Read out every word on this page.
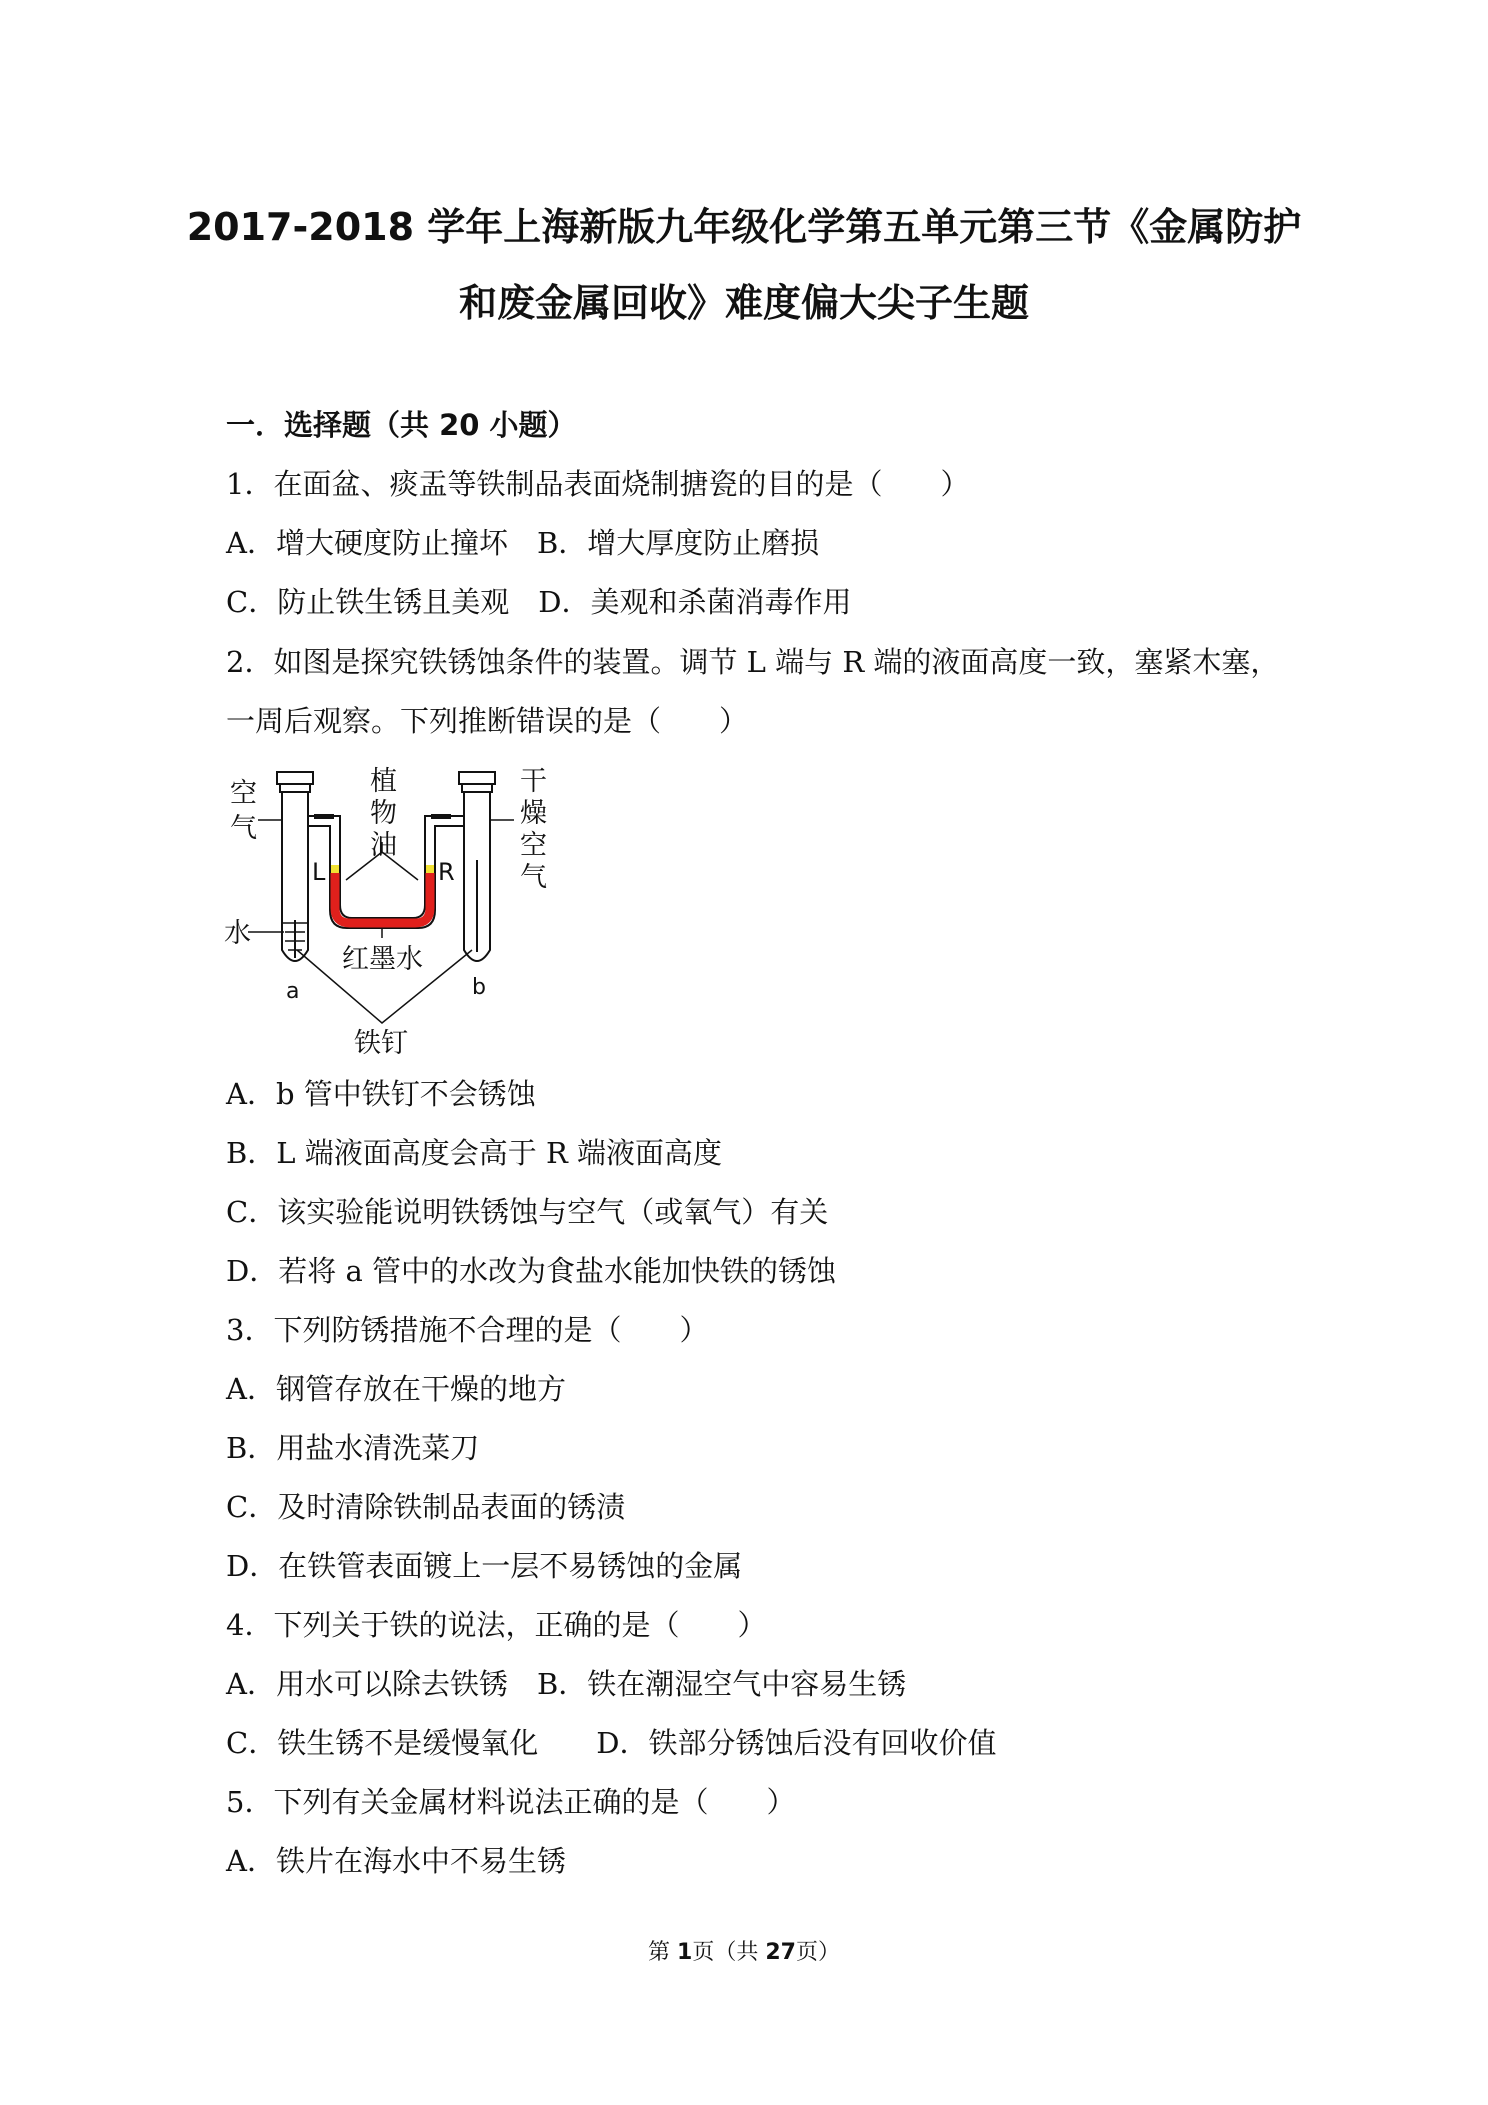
2017-2018 学年上海新版九年级化学第五单元第三节《金属防护
和废金属回收》难度偏大尖子生题
一．选择题（共 20 小题）
1．在面盆、痰盂等铁制品表面烧制搪瓷的目的是（　　）
A．增大硬度防止撞坏　B．增大厚度防止磨损
C．防止铁生锈且美观　D．美观和杀菌消毒作用
2．如图是探究铁锈蚀条件的装置。调节 L 端与 R 端的液面高度一致，塞紧木塞，
一周后观察。下列推断错误的是（　　）
空
气
植
物
油
干
燥
空
气
L	R
水
红墨水
a	b
铁钉
A．b 管中铁钉不会锈蚀
B．L 端液面高度会高于 R 端液面高度
C．该实验能说明铁锈蚀与空气（或氧气）有关
D．若将 a 管中的水改为食盐水能加快铁的锈蚀
3．下列防锈措施不合理的是（　　）
A．钢管存放在干燥的地方
B．用盐水清洗菜刀
C．及时清除铁制品表面的锈渍
D．在铁管表面镀上一层不易锈蚀的金属
4．下列关于铁的说法，正确的是（　　）
A．用水可以除去铁锈　B．铁在潮湿空气中容易生锈
C．铁生锈不是缓慢氧化　　D．铁部分锈蚀后没有回收价值
5．下列有关金属材料说法正确的是（　　）
A．铁片在海水中不易生锈
第 1页（共 27页）
